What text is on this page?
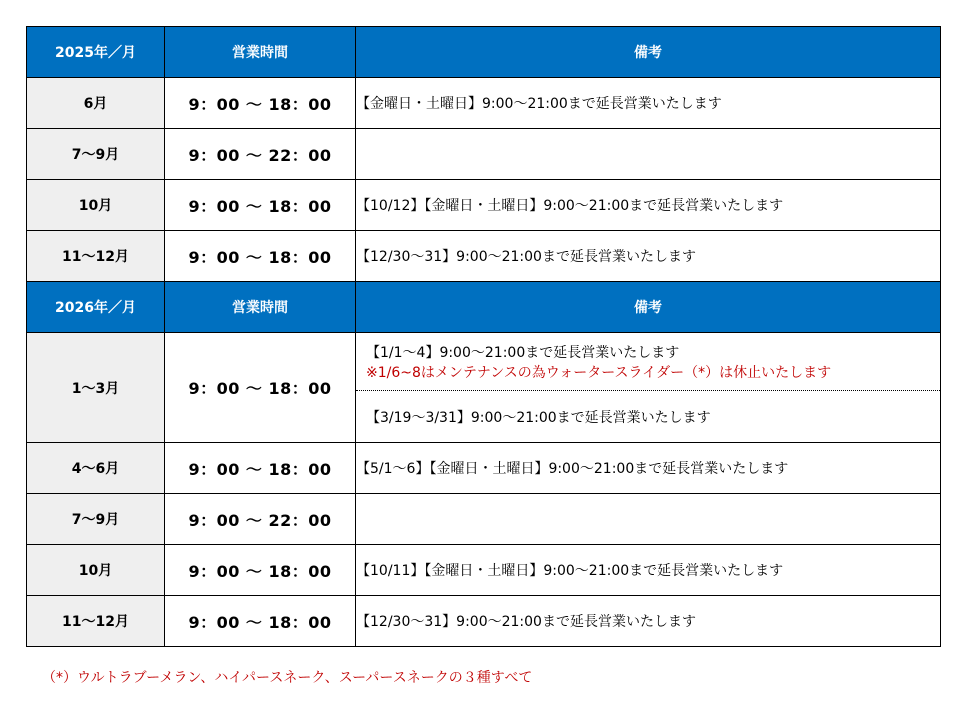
2025年／月	営業時間	備考
6月	9：00 〜 18：00	【金曜日・土曜日】9:00〜21:00まで延長営業いたします
7〜9月	9：00 〜 22：00	
10月	9：00 〜 18：00	【10/12】【金曜日・土曜日】9:00〜21:00まで延長営業いたします
11〜12月	9：00 〜 18：00	【12/30〜31】9:00〜21:00まで延長営業いたします
2026年／月	営業時間	備考
1〜3月	9：00 〜 18：00	【1/1〜4】9:00〜21:00まで延長営業いたします
※1/6~8はメンテナンスの為ウォータースライダー（*）は休止いたします
【3/19〜3/31】9:00〜21:00まで延長営業いたします

4〜6月	9：00 〜 18：00	【5/1〜6】【金曜日・土曜日】9:00〜21:00まで延長営業いたします
7〜9月	9：00 〜 22：00	
10月	9：00 〜 18：00	【10/11】【金曜日・土曜日】9:00〜21:00まで延長営業いたします
11〜12月	9：00 〜 18：00	【12/30〜31】9:00〜21:00まで延長営業いたします
（*）ウルトラブーメラン、ハイパースネーク、スーパースネークの３種すべて
